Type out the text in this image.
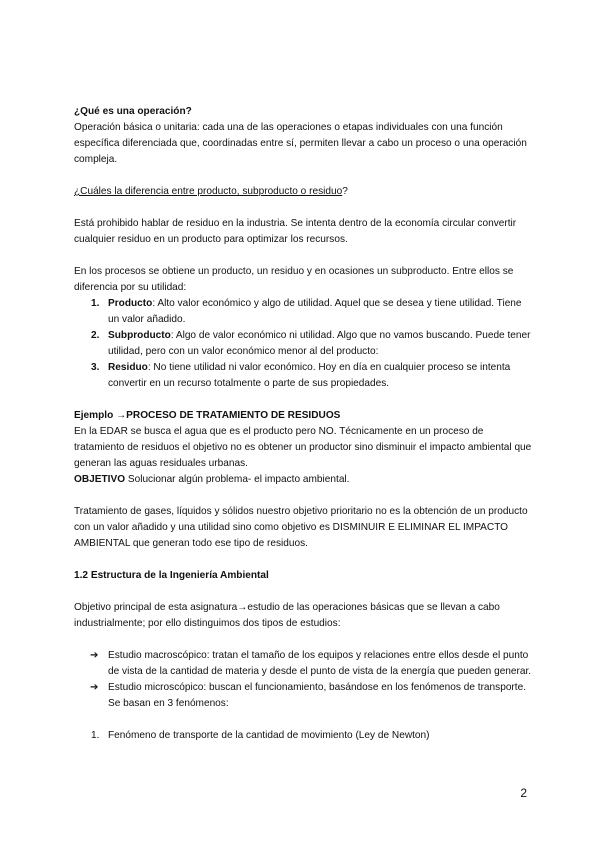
¿Qué es una operación?

Operación básica o unitaria: cada una de las operaciones o etapas individuales con una función específica diferenciada que, coordinadas entre sí, permiten llevar a cabo un proceso o una operación compleja.

¿Cuáles la diferencia entre producto, subproducto o residuo?

Está prohibido hablar de residuo en la industria. Se intenta dentro de la economía circular convertir cualquier residuo en un producto para optimizar los recursos.

En los procesos se obtiene un producto, un residuo y en ocasiones un subproducto. Entre ellos se diferencia por su utilidad:

1. Producto: Alto valor económico y algo de utilidad. Aquel que se desea y tiene utilidad. Tiene un valor añadido.
2. Subproducto: Algo de valor económico ni utilidad. Algo que no vamos buscando. Puede tener utilidad, pero con un valor económico menor al del producto:
3. Residuo: No tiene utilidad ni valor económico. Hoy en día en cualquier proceso se intenta convertir en un recurso totalmente o parte de sus propiedades.

Ejemplo →PROCESO DE TRATAMIENTO DE RESIDUOS

En la EDAR se busca el agua que es el producto pero NO. Técnicamente en un proceso de tratamiento de residuos el objetivo no es obtener un productor sino disminuir el impacto ambiental que generan las aguas residuales urbanas.

OBJETIVO Solucionar algún problema- el impacto ambiental.

Tratamiento de gases, líquidos y sólidos nuestro objetivo prioritario no es la obtención de un producto con un valor añadido y una utilidad sino como objetivo es DISMINUIR E ELIMINAR EL IMPACTO AMBIENTAL que generan todo ese tipo de residuos.

1.2 Estructura de la Ingeniería Ambiental

Objetivo principal de esta asignatura→estudio de las operaciones básicas que se llevan a cabo industrialmente; por ello distinguimos dos tipos de estudios:

➔ Estudio macroscópico: tratan el tamaño de los equipos y relaciones entre ellos desde el punto de vista de la cantidad de materia y desde el punto de vista de la energía que pueden generar.
➔ Estudio microscópico: buscan el funcionamiento, basándose en los fenómenos de transporte. Se basan en 3 fenómenos:

1. Fenómeno de transporte de la cantidad de movimiento (Ley de Newton)

2
